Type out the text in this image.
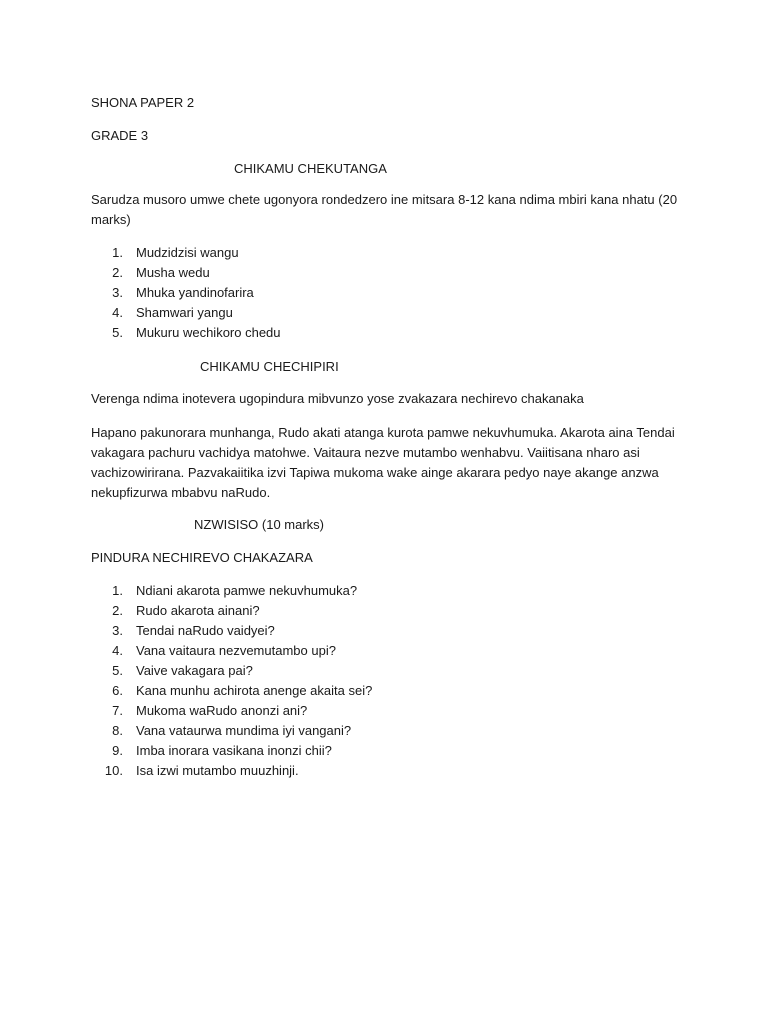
SHONA PAPER 2

GRADE 3

CHIKAMU CHEKUTANGA

Sarudza musoro umwe chete ugonyora rondedzero ine mitsara 8-12 kana ndima mbiri kana nhatu (20 marks)

1. Mudzidzisi wangu
2. Musha wedu
3. Mhuka yandinofarira
4. Shamwari yangu
5. Mukuru wechikoro chedu

CHIKAMU CHECHIPIRI

Verenga ndima inotevera ugopindura mibvunzo yose zvakazara nechirevo chakanaka

Hapano pakunorara munhanga, Rudo akati atanga kurota pamwe nekuvhumuka. Akarota aina Tendai vakagara pachuru vachidya matohwe. Vaitaura nezve mutambo wenhabvu. Vaiitisana nharo asi vachizowirirana. Pazvakaiitika izvi Tapiwa mukoma wake ainge akarara pedyo naye akange anzwa nekupfizurwa mbabvu naRudo.

NZWISISO (10 marks)

PINDURA NECHIREVO CHAKAZARA

1. Ndiani akarota pamwe nekuvhumuka?
2. Rudo akarota ainani?
3. Tendai naRudo vaidyei?
4. Vana vaitaura nezvemutambo upi?
5. Vaive vakagara pai?
6. Kana munhu achirota anenge akaita sei?
7. Mukoma waRudo anonzi ani?
8. Vana vataurwa mundima iyi vangani?
9. Imba inorara vasikana inonzi chii?
10. Isa izwi mutambo muuzhinji.
